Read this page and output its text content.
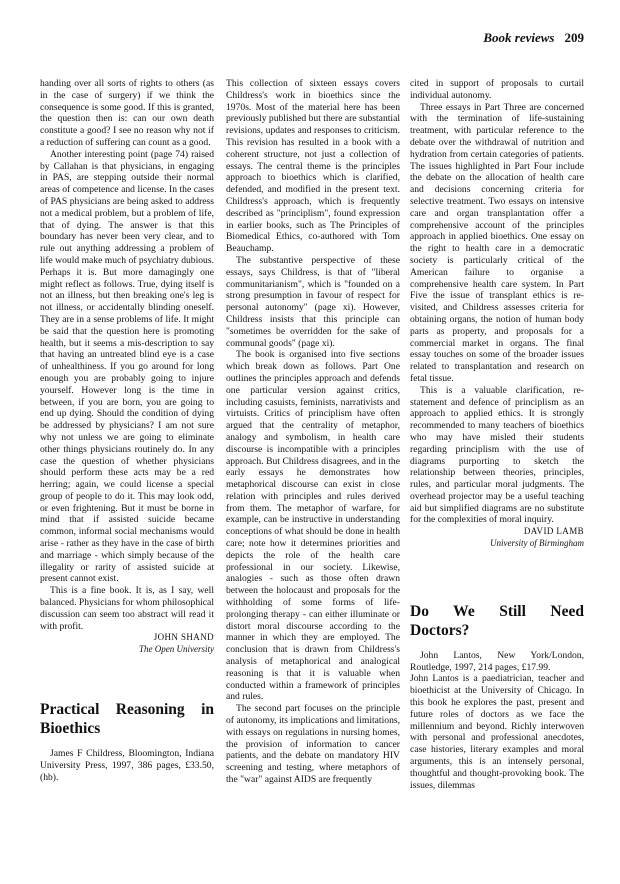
Book reviews 209

handing over all sorts of rights to others (as in the case of surgery) if we think the consequence is some good. If this is granted, the question then is: can our own death constitute a good? I see no reason why not if a reduction of suffering can count as a good.

Another interesting point (page 74) raised by Callahan is that physicians, in engaging in PAS, are stepping outside their normal areas of competence and license. In the cases of PAS physicians are being asked to address not a medical problem, but a problem of life, that of dying. The answer is that this boundary has never been very clear, and to rule out anything addressing a problem of life would make much of psychiatry dubious. Perhaps it is. But more damagingly one might reflect as follows. True, dying itself is not an illness, but then breaking one's leg is not illness, or accidentally blinding oneself. They are in a sense problems of life. It might be said that the question here is promoting health, but it seems a mis-description to say that having an untreated blind eye is a case of unhealthiness. If you go around for long enough you are probably going to injure yourself. However long is the time in between, if you are born, you are going to end up dying. Should the condition of dying be addressed by physicians? I am not sure why not unless we are going to eliminate other things physicians routinely do. In any case the question of whether physicians should perform these acts may be a red herring; again, we could license a special group of people to do it. This may look odd, or even frightening. But it must be borne in mind that if assisted suicide became common, informal social mechanisms would arise - rather as they have in the case of birth and marriage - which simply because of the illegality or rarity of assisted suicide at present cannot exist.

This is a fine book. It is, as I say, well balanced. Physicians for whom philosophical discussion can seem too abstract will read it with profit.

JOHN SHAND

The Open University

Practical Reasoning in Bioethics

James F Childress, Bloomington, Indiana University Press, 1997, 386 pages, £33.50, (hb).

This collection of sixteen essays covers Childress's work in bioethics since the 1970s. Most of the material here has been previously published but there are substantial revisions, updates and responses to criticism. This revision has resulted in a book with a coherent structure, not just a collection of essays. The central theme is the principles approach to bioethics which is clarified, defended, and modified in the present text. Childress's approach, which is frequently described as "principlism", found expression in earlier books, such as The Principles of Biomedical Ethics, co-authored with Tom Beauchamp.

The substantive perspective of these essays, says Childress, is that of "liberal communitarianism", which is "founded on a strong presumption in favour of respect for personal autonomy" (page xi). However, Childress insists that this principle can "sometimes be overridden for the sake of communal goods" (page xi).

The book is organised into five sections which break down as follows. Part One outlines the principles approach and defends one particular version against critics, including casuists, feminists, narrativists and virtuists. Critics of principlism have often argued that the centrality of metaphor, analogy and symbolism, in health care discourse is incompatible with a principles approach. But Childress disagrees, and in the early essays he demonstrates how metaphorical discourse can exist in close relation with principles and rules derived from them. The metaphor of warfare, for example, can be instructive in understanding conceptions of what should be done in health care; note how it determines priorities and depicts the role of the health care professional in our society. Likewise, analogies - such as those often drawn between the holocaust and proposals for the withholding of some forms of life-prolonging therapy - can either illuminate or distort moral discourse according to the manner in which they are employed. The conclusion that is drawn from Childress's analysis of metaphorical and analogical reasoning is that it is valuable when conducted within a framework of principles and rules.

The second part focuses on the principle of autonomy, its implications and limitations, with essays on regulations in nursing homes, the provision of information to cancer patients, and the debate on mandatory HIV screening and testing, where metaphors of the "war" against AIDS are frequently

cited in support of proposals to curtail individual autonomy.

Three essays in Part Three are concerned with the termination of life-sustaining treatment, with particular reference to the debate over the withdrawal of nutrition and hydration from certain categories of patients. The issues highlighted in Part Four include the debate on the allocation of health care and decisions concerning criteria for selective treatment. Two essays on intensive care and organ transplantation offer a comprehensive account of the principles approach in applied bioethics. One essay on the right to health care in a democratic society is particularly critical of the American failure to organise a comprehensive health care system. In Part Five the issue of transplant ethics is re-visited, and Childress assesses criteria for obtaining organs, the notion of human body parts as property, and proposals for a commercial market in organs. The final essay touches on some of the broader issues related to transplantation and research on fetal tissue.

This is a valuable clarification, re-statement and defence of principlism as an approach to applied ethics. It is strongly recommended to many teachers of bioethics who may have misled their students regarding principlism with the use of diagrams purporting to sketch the relationship between theories, principles, rules, and particular moral judgments. The overhead projector may be a useful teaching aid but simplified diagrams are no substitute for the complexities of moral inquiry.

DAVID LAMB

University of Birmingham

Do We Still Need Doctors?

John Lantos, New York/London, Routledge, 1997, 214 pages, £17.99.

John Lantos is a paediatrician, teacher and bioethicist at the University of Chicago. In this book he explores the past, present and future roles of doctors as we face the millennium and beyond. Richly interwoven with personal and professional anecdotes, case histories, literary examples and moral arguments, this is an intensely personal, thoughtful and thought-provoking book. The issues, dilemmas
